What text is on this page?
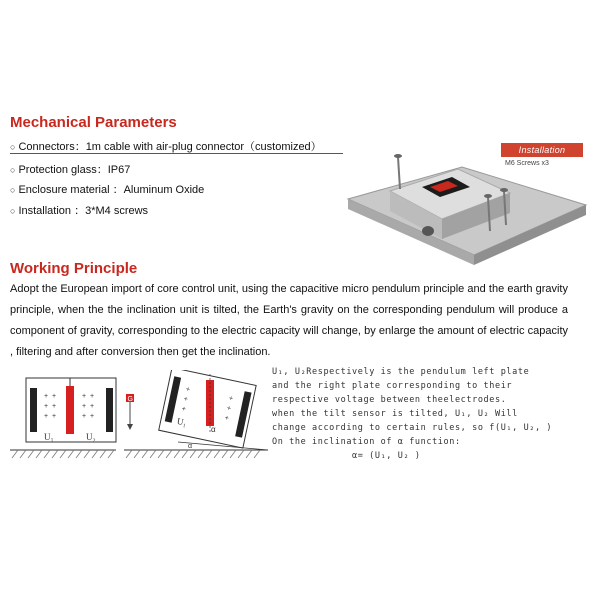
Mechanical Parameters
○ Connectors：1m cable with air-plug connector（customized）
○ Protection glass：IP67
○ Enclosure material ：Aluminum Oxide
○ Installation ：3*M4 screws
Installation
M6 Screws x3
Working Principle

Adopt the European import of core control unit, using the capacitive micro pendulum principle and the earth gravity principle, when the the inclination unit is tilted, the Earth's gravity on the corresponding pendulum will produce a component of gravity, corresponding to the electric capacity will change, by enlarge the amount of electric capacity , filtering and after conversion then get the inclination.

+
+
+
+
+
+
+
+
+
+
+
+
U₁	U₂
G
+
+
+
+
+
+
U₁
α
α
U₁, U₂Respectively is the pendulum left plate
and the right plate corresponding to their
respective voltage between theelectrodes.
when the tilt sensor is tilted, U₁, U₂ Will
change according to certain rules, so f(U₁, U₂, )
On the inclination of α function:
α= (U₁, U₂ )
